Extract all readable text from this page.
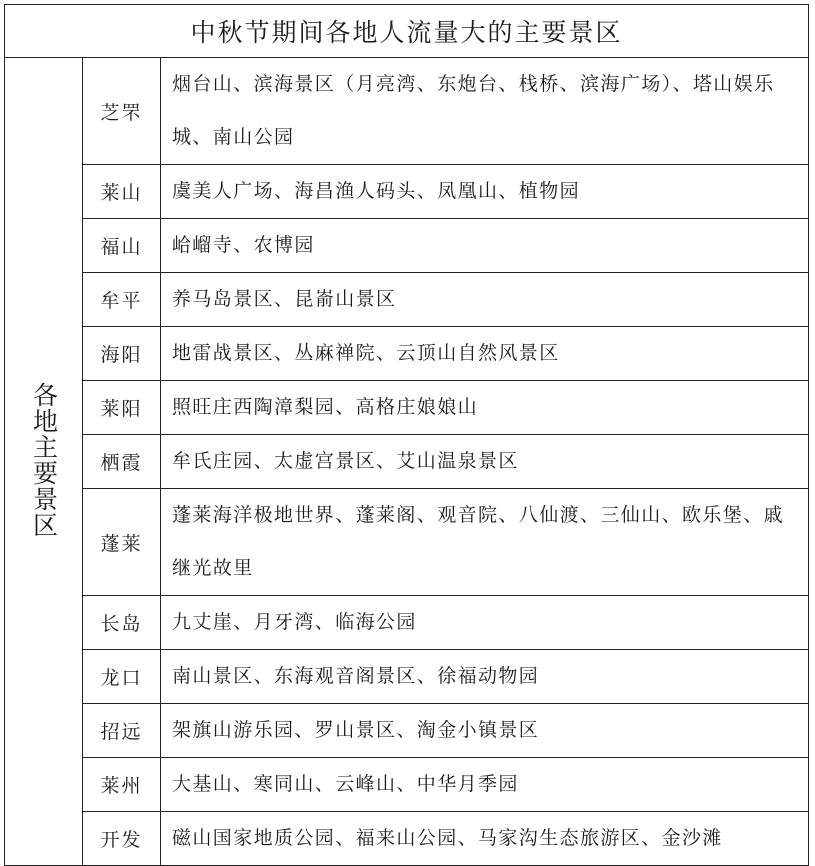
中秋节期间各地人流量大的主要景区		
各地主要景区	芝罘	烟台山、滨海景区（月亮湾、东炮台、栈桥、滨海广场）、塔山娱乐城、南山公园
	莱山	虞美人广场、海昌渔人码头、凤凰山、植物园
	福山	峆嵧寺、农博园
	牟平	养马岛景区、昆嵛山景区
	海阳	地雷战景区、丛麻禅院、云顶山自然风景区
	莱阳	照旺庄西陶漳梨园、高格庄娘娘山
	栖霞	牟氏庄园、太虚宫景区、艾山温泉景区
	蓬莱	蓬莱海洋极地世界、蓬莱阁、观音院、八仙渡、三仙山、欧乐堡、戚继光故里
	长岛	九丈崖、月牙湾、临海公园
	龙口	南山景区、东海观音阁景区、徐福动物园
	招远	架旗山游乐园、罗山景区、淘金小镇景区
	莱州	大基山、寒同山、云峰山、中华月季园
	开发	磁山国家地质公园、福来山公园、马家沟生态旅游区、金沙滩
